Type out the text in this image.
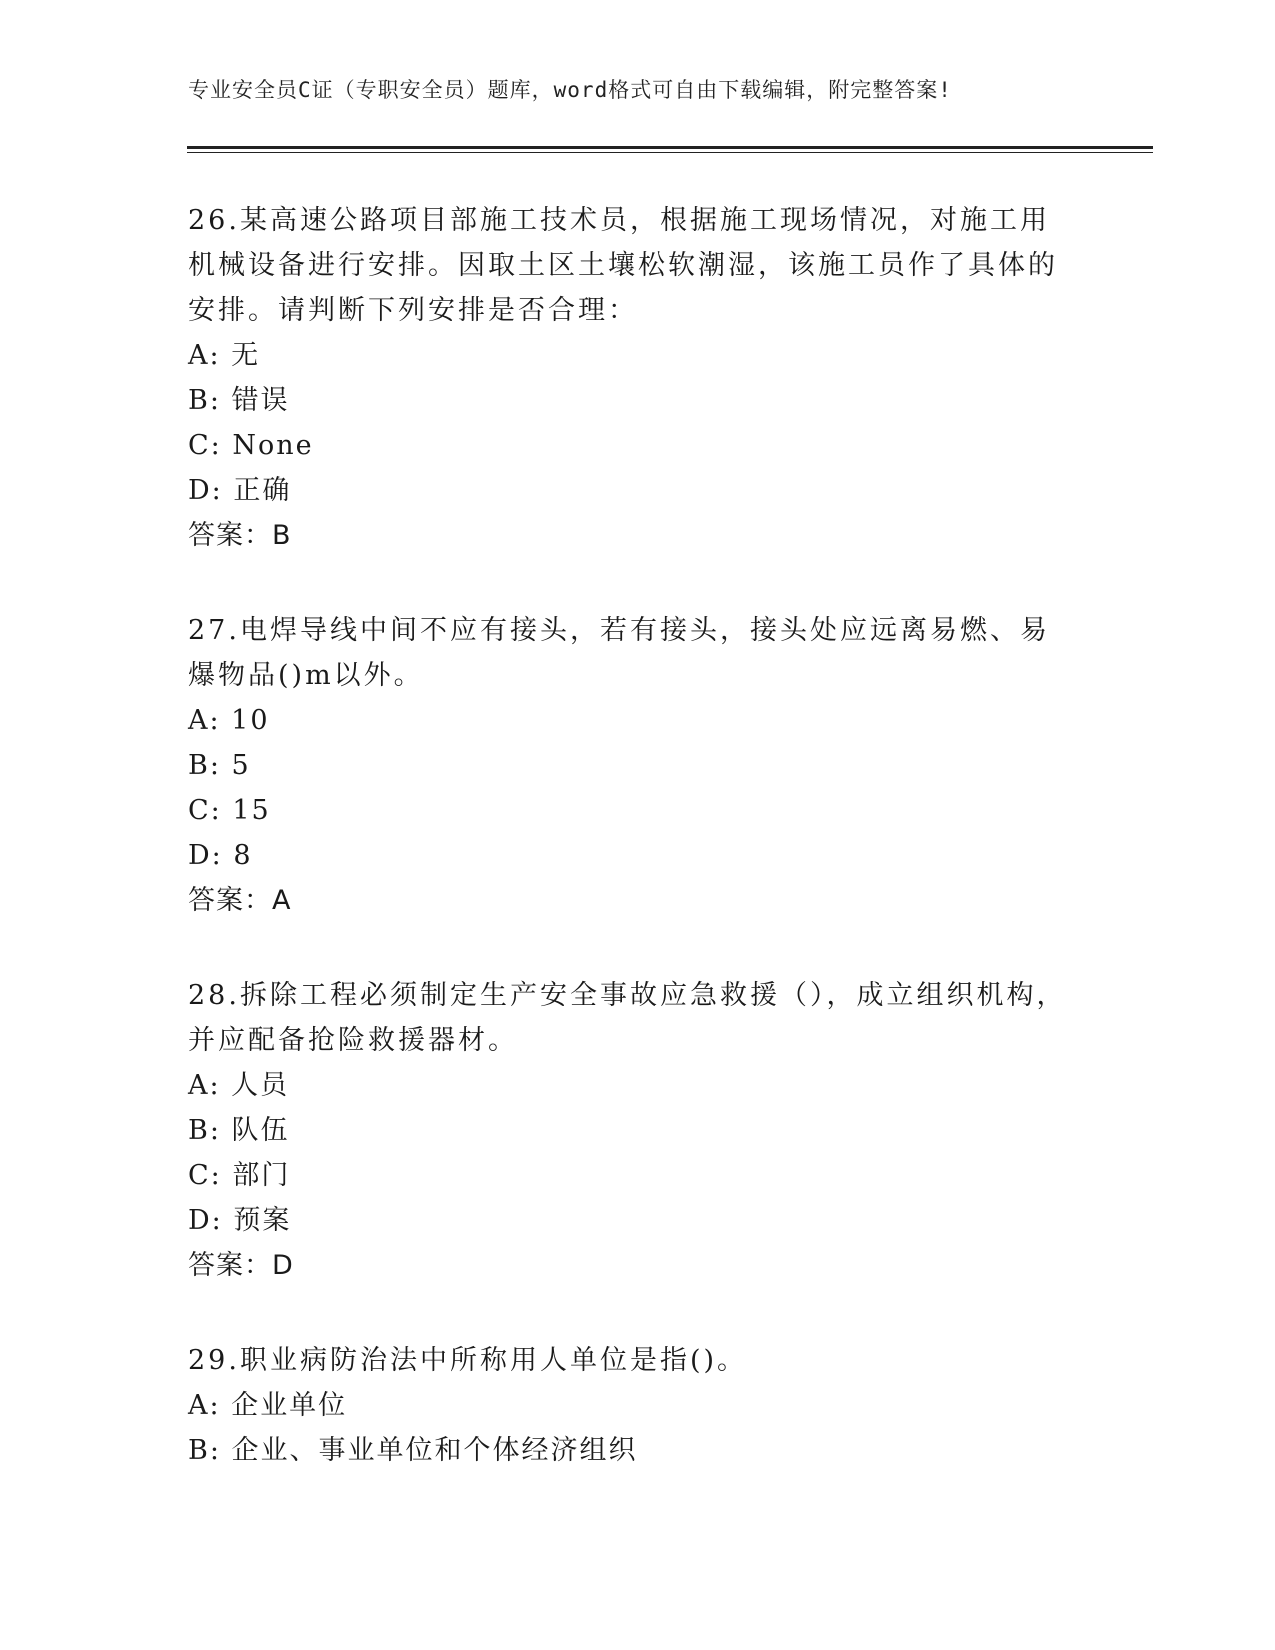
专业安全员C证（专职安全员）题库，word格式可自由下载编辑，附完整答案!
26.某高速公路项目部施工技术员，根据施工现场情况，对施工用机械设备进行安排。因取土区土壤松软潮湿，该施工员作了具体的安排。请判断下列安排是否合理：
A: 无
B: 错误
C: None
D: 正确
答案：B
27.电焊导线中间不应有接头，若有接头，接头处应远离易燃、易爆物品()m以外。
A: 10
B: 5
C: 15
D: 8
答案：A
28.拆除工程必须制定生产安全事故应急救援（），成立组织机构，并应配备抢险救援器材。
A: 人员
B: 队伍
C: 部门
D: 预案
答案：D
29.职业病防治法中所称用人单位是指()。
A: 企业单位
B: 企业、事业单位和个体经济组织
